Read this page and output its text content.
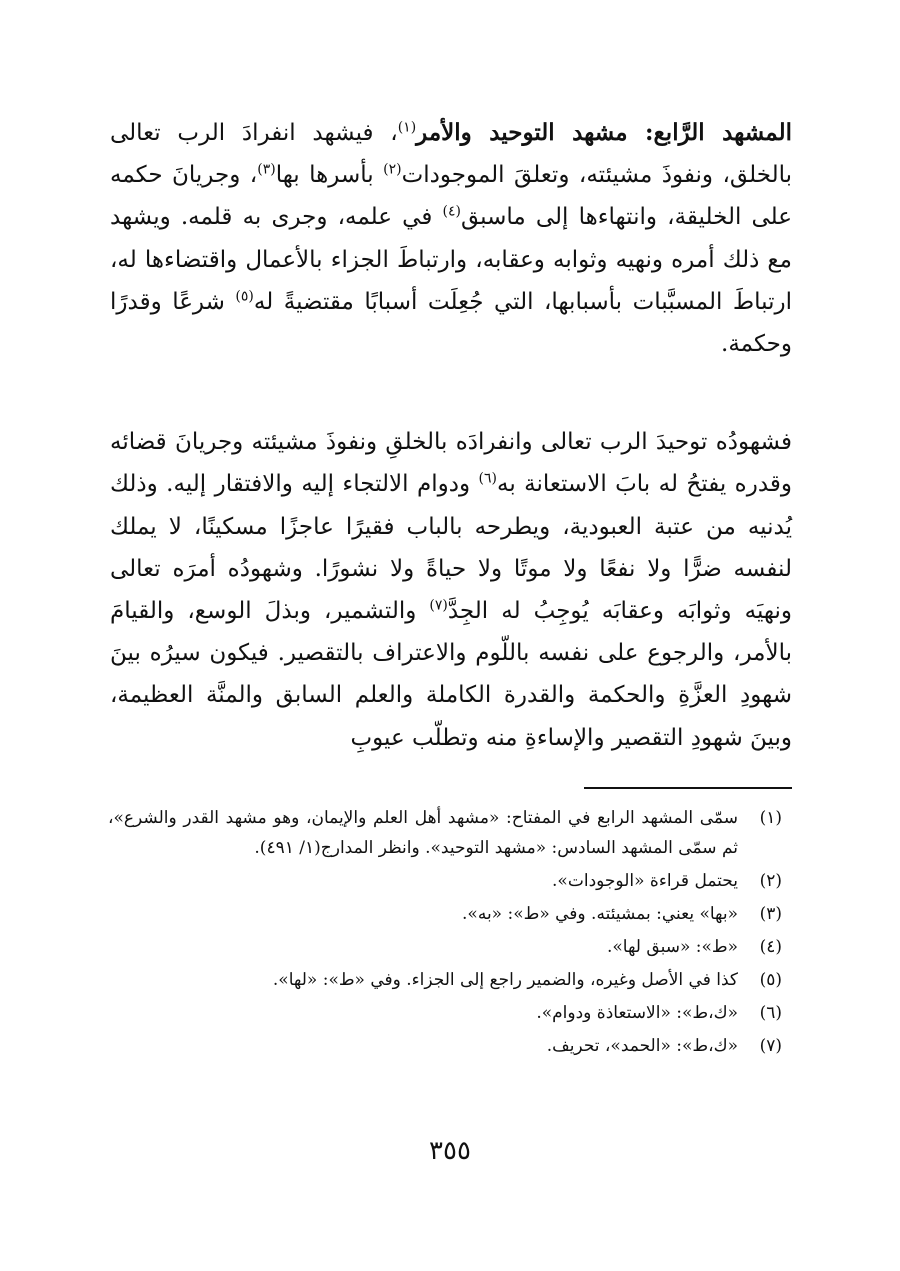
المشهد الرَّابع: مشهد التوحيد والأمر$^{(١)}$، فيشهد انفرادَ الرب تعالى بالخلق، ونفوذَ مشيئته، وتعلقَ الموجودات$^{(٢)}$ بأسرها بها$^{(٣)}$، وجريانَ حكمه على الخليقة، وانتهاءها إلى ماسبق$^{(٤)}$ في علمه، وجرى به قلمه. ويشهد مع ذلك أمره ونهيه وثوابه وعقابه، وارتباطَ الجزاء بالأعمال واقتضاءها له، ارتباطَ المسبَّبات بأسبابها، التي جُعِلَت أسبابًا مقتضيةً له$^{(٥)}$ شرعًا وقدرًا وحكمة.

فشهودُه توحيدَ الرب تعالى وانفرادَه بالخلقِ ونفوذَ مشيئته وجريانَ قضائه وقدره يفتحُ له بابَ الاستعانة به$^{(٦)}$ ودوام الالتجاء إليه والافتقار إليه. وذلك يُدنيه من عتبة العبودية، ويطرحه بالباب فقيرًا عاجزًا مسكينًا، لا يملك لنفسه ضرًّا ولا نفعًا ولا موتًا ولا حياةً ولا نشورًا. وشهودُه أمرَه تعالى ونهيَه وثوابَه وعقابَه يُوجِبُ له الجِدَّ$^{(٧)}$ والتشمير، وبذلَ الوسع، والقيامَ بالأمر، والرجوع على نفسه باللّوم والاعتراف بالتقصير. فيكون سيرُه بينَ شهودِ العزَّةِ والحكمة والقدرة الكاملة والعلم السابق والمنَّة العظيمة، وبينَ شهودِ التقصير والإساءةِ منه وتطلّب عيوبِ

(١)
سمّى المشهد الرابع في المفتاح: «مشهد أهل العلم والإيمان، وهو مشهد القدر والشرع»، ثم سمّى المشهد السادس: «مشهد التوحيد». وانظر المدارج(١/ ٤٩١).
(٢)
يحتمل قراءة «الوجودات».
(٣)
«بها» يعني: بمشيئته. وفي «ط»: «به».
(٤)
«ط»: «سبق لها».
(٥)
كذا في الأصل وغيره، والضمير راجع إلى الجزاء. وفي «ط»: «لها».
(٦)
«ك،ط»: «الاستعاذة ودوام».
(٧)
«ك،ط»: «الحمد»، تحريف.
٣٥٥
